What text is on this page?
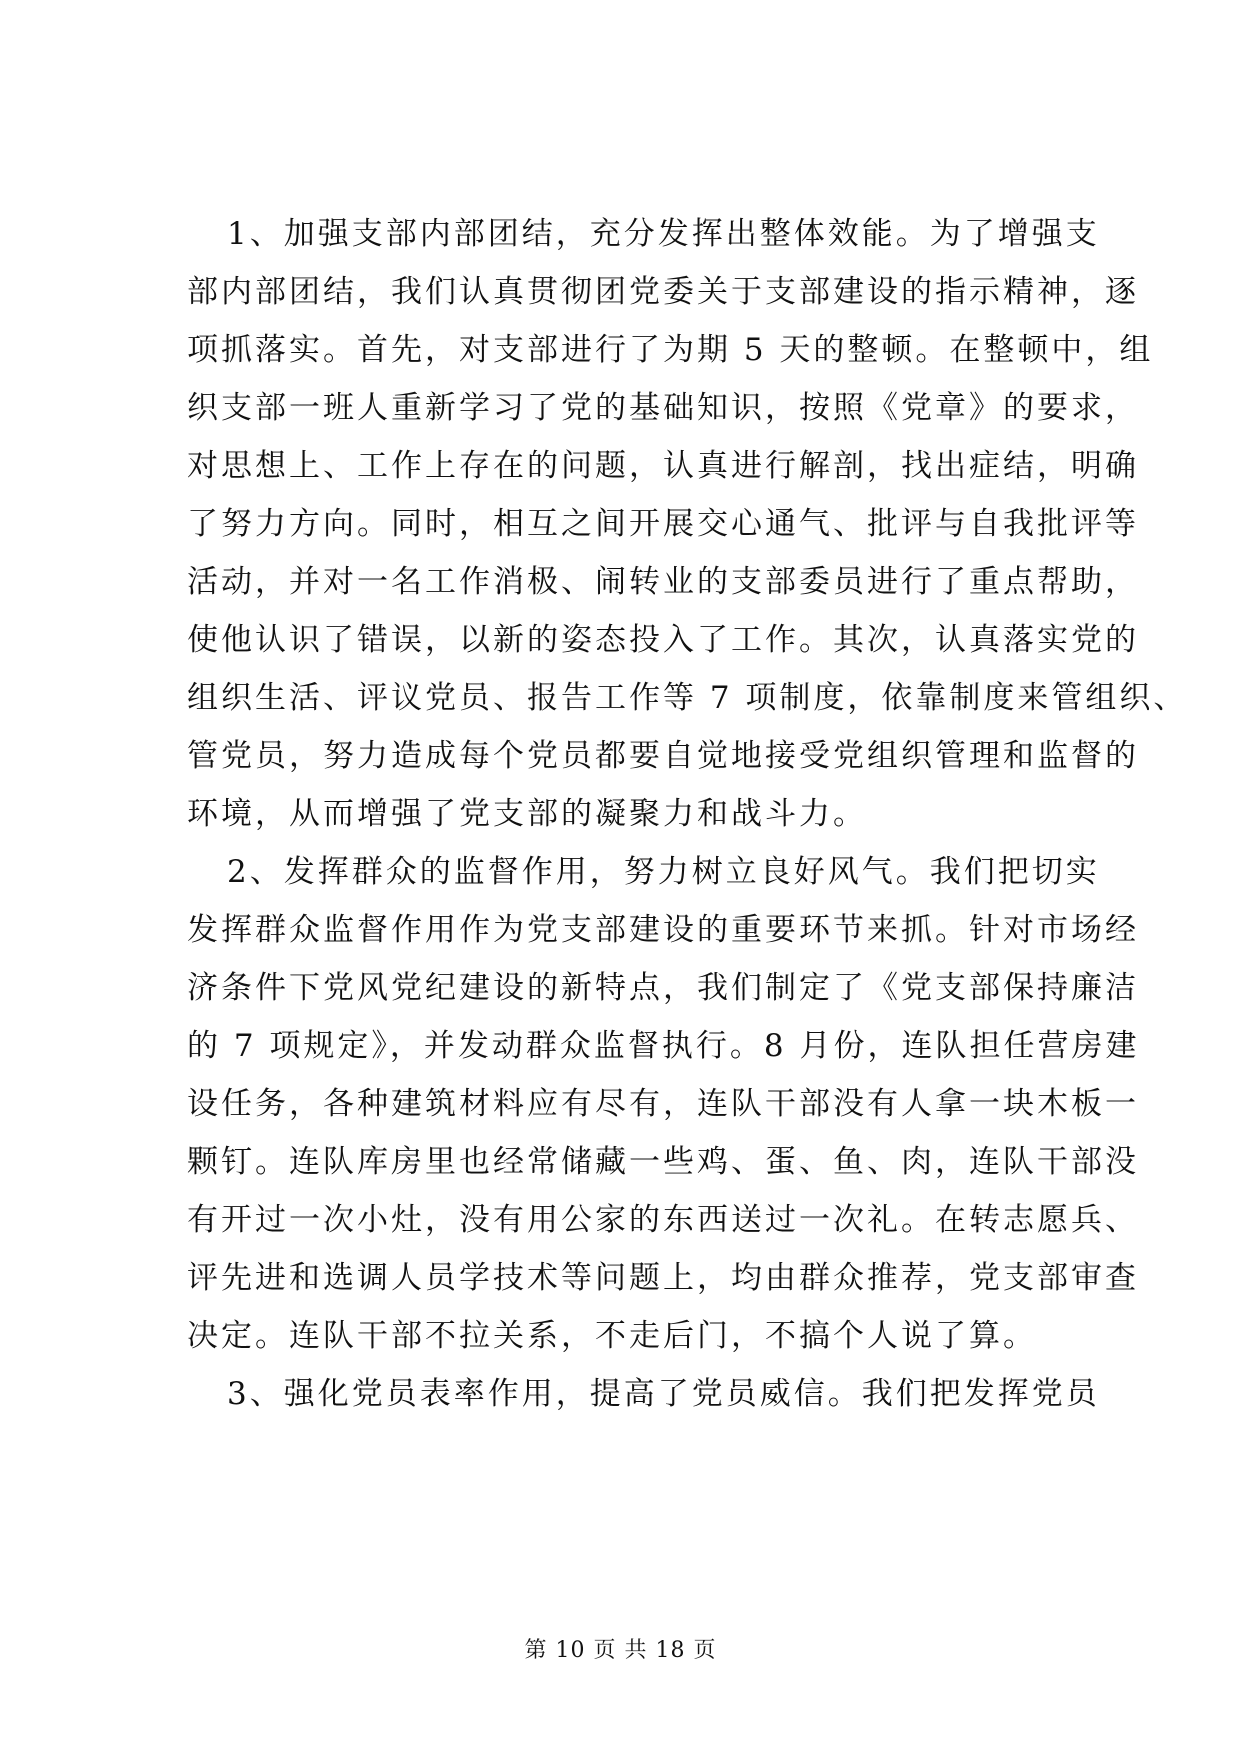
1、加强支部内部团结，充分发挥出整体效能。为了增强支
部内部团结，我们认真贯彻团党委关于支部建设的指示精神，逐
项抓落实。首先，对支部进行了为期 5 天的整顿。在整顿中，组
织支部一班人重新学习了党的基础知识，按照《党章》的要求，
对思想上、工作上存在的问题，认真进行解剖，找出症结，明确
了努力方向。同时，相互之间开展交心通气、批评与自我批评等
活动，并对一名工作消极、闹转业的支部委员进行了重点帮助，
使他认识了错误，以新的姿态投入了工作。其次，认真落实党的
组织生活、评议党员、报告工作等 7 项制度，依靠制度来管组织、
管党员，努力造成每个党员都要自觉地接受党组织管理和监督的
环境，从而增强了党支部的凝聚力和战斗力。
2、发挥群众的监督作用，努力树立良好风气。我们把切实
发挥群众监督作用作为党支部建设的重要环节来抓。针对市场经
济条件下党风党纪建设的新特点，我们制定了《党支部保持廉洁
的 7 项规定》，并发动群众监督执行。8 月份，连队担任营房建
设任务，各种建筑材料应有尽有，连队干部没有人拿一块木板一
颗钉。连队库房里也经常储藏一些鸡、蛋、鱼、肉，连队干部没
有开过一次小灶，没有用公家的东西送过一次礼。在转志愿兵、
评先进和选调人员学技术等问题上，均由群众推荐，党支部审查
决定。连队干部不拉关系，不走后门，不搞个人说了算。
3、强化党员表率作用，提高了党员威信。我们把发挥党员
第 10 页 共 18 页
